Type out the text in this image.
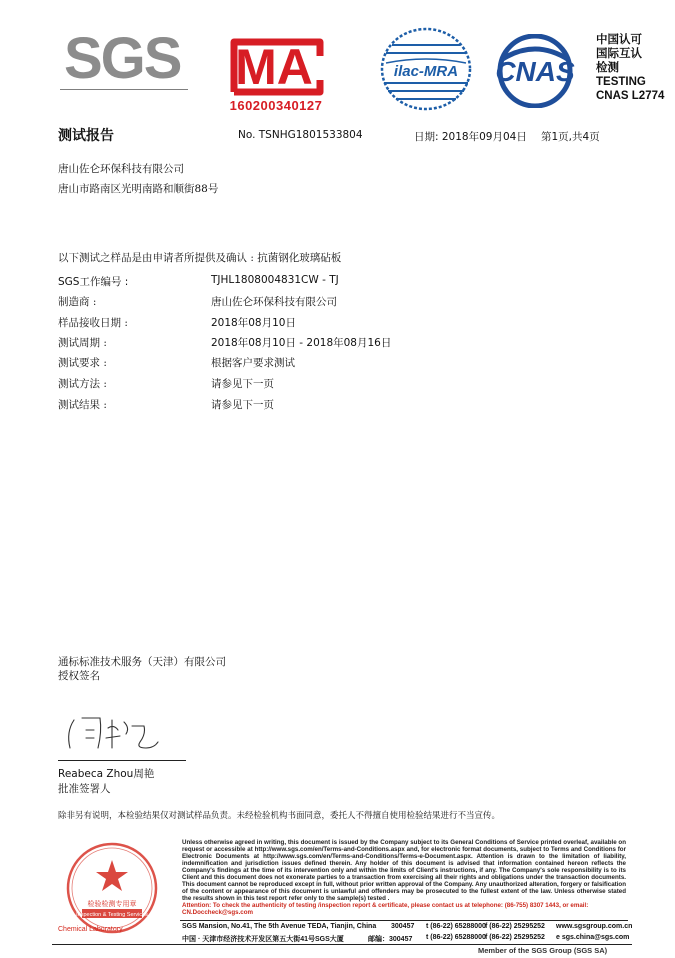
SGS MA
160200340127
ilac-MRA CNAS
中国认可
国际互认
检测
TESTING
CNAS L2774
测试报告	No. TSNHG1801533804	日期: 2018年09月04日 第1页,共4页
唐山佐仑环保科技有限公司
唐山市路南区光明南路和顺街88号
以下测试之样品是由申请者所提供及确认 : 抗菌钢化玻璃砧板
SGS工作编号 :	TJHL1808004831CW - TJ
制造商 :	唐山佐仑环保科技有限公司
样品接收日期 :	2018年08月10日
测试周期 :	2018年08月10日 - 2018年08月16日
测试要求 :	根据客户要求测试
测试方法 :	请参见下一页
测试结果 :	请参见下一页
通标标准技术服务（天津）有限公司
授权签名
Reabeca Zhou周艳
批准签署人
除非另有说明，本检验结果仅对测试样品负责。未经检验机构书面同意，委托人不得擅自使用检验结果进行不当宣传。
检验检测专用章
Inspection & Testing Services
Chemical Laboratory
Unless otherwise agreed in writing, this document is issued by the Company subject to its General Conditions of Service printed overleaf, available on request or accessible at http://www.sgs.com/en/Terms-and-Conditions.aspx and, for electronic format documents, subject to Terms and Conditions for Electronic Documents at http://www.sgs.com/en/Terms-and-Conditions/Terms-e-Document.aspx. Attention is drawn to the limitation of liability, indemnification and jurisdiction issues defined therein. Any holder of this document is advised that information contained hereon reflects the Company's findings at the time of its intervention only and within the limits of Client's instructions, if any. The Company's sole responsibility is to its Client and this document does not exonerate parties to a transaction from exercising all their rights and obligations under the transaction documents. This document cannot be reproduced except in full, without prior written approval of the Company. Any unauthorized alteration, forgery or falsification of the content or appearance of this document is unlawful and offenders may be prosecuted to the fullest extent of the law. Unless otherwise stated the results shown in this test report refer only to the sample(s) tested .
Attention: To check the authenticity of testing /inspection report & certificate, please contact us at telephone: (86-755) 8307 1443, or email: CN.Doccheck@sgs.com
SGS Mansion, No.41, The 5th Avenue TEDA, Tianjin, China 300457 t (86-22) 65288000 f (86-22) 25295252 www.sgsgroup.com.cn
中国 · 天津市经济技术开发区第五大街41号SGS大厦	邮编：300457 t (86-22) 65288000 f (86-22) 25295252 e sgs.china@sgs.com
Member of the SGS Group (SGS SA)
